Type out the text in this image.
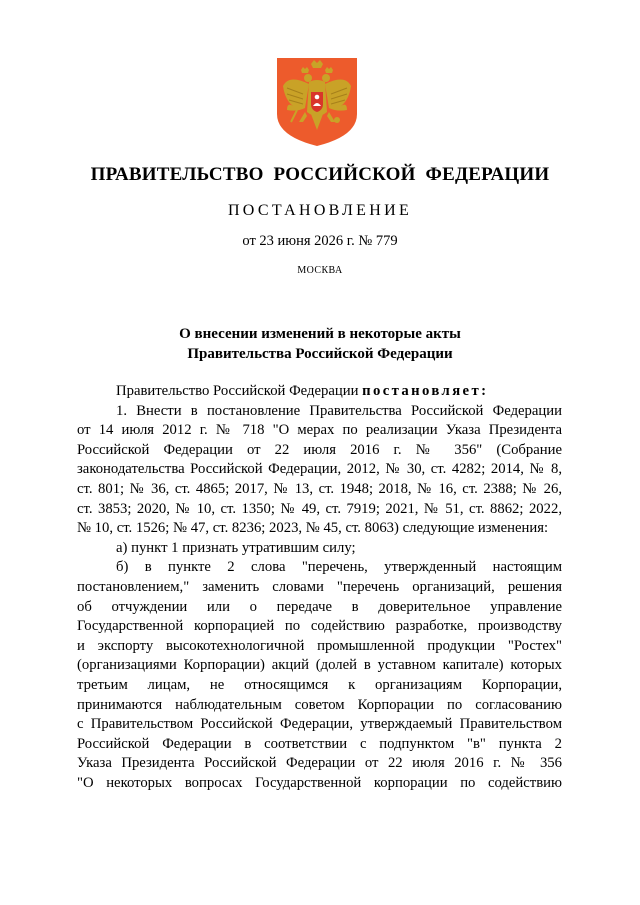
ПРАВИТЕЛЬСТВО РОССИЙСКОЙ ФЕДЕРАЦИИ
ПОСТАНОВЛЕНИЕ
от 23 июня 2026 г. № 779
МОСКВА
О внесении изменений в некоторые акты
Правительства Российской Федерации
Правительство Российской Федерации постановляет:
1. Внести в постановление Правительства Российской Федерации
от 14 июля 2012 г. № 718 "О мерах по реализации Указа Президента
Российской Федерации от 22 июля 2016 г. № 356" (Собрание
законодательства Российской Федерации, 2012, № 30, ст. 4282; 2014, № 8,
ст. 801; № 36, ст. 4865; 2017, № 13, ст. 1948; 2018, № 16, ст. 2388; № 26,
ст. 3853; 2020, № 10, ст. 1350; № 49, ст. 7919; 2021, № 51, ст. 8862; 2022,
№ 10, ст. 1526; № 47, ст. 8236; 2023, № 45, ст. 8063) следующие изменения:
а) пункт 1 признать утратившим силу;
б) в пункте 2 слова "перечень, утвержденный настоящим
постановлением," заменить словами "перечень организаций, решения
об отчуждении или о передаче в доверительное управление
Государственной корпорацией по содействию разработке, производству
и экспорту высокотехнологичной промышленной продукции "Ростех"
(организациями Корпорации) акций (долей в уставном капитале) которых
третьим лицам, не относящимся к организациям Корпорации,
принимаются наблюдательным советом Корпорации по согласованию
с Правительством Российской Федерации, утверждаемый Правительством
Российской Федерации в соответствии с подпунктом "в" пункта 2
Указа Президента Российской Федерации от 22 июля 2016 г. № 356
"О некоторых вопросах Государственной корпорации по содействию
